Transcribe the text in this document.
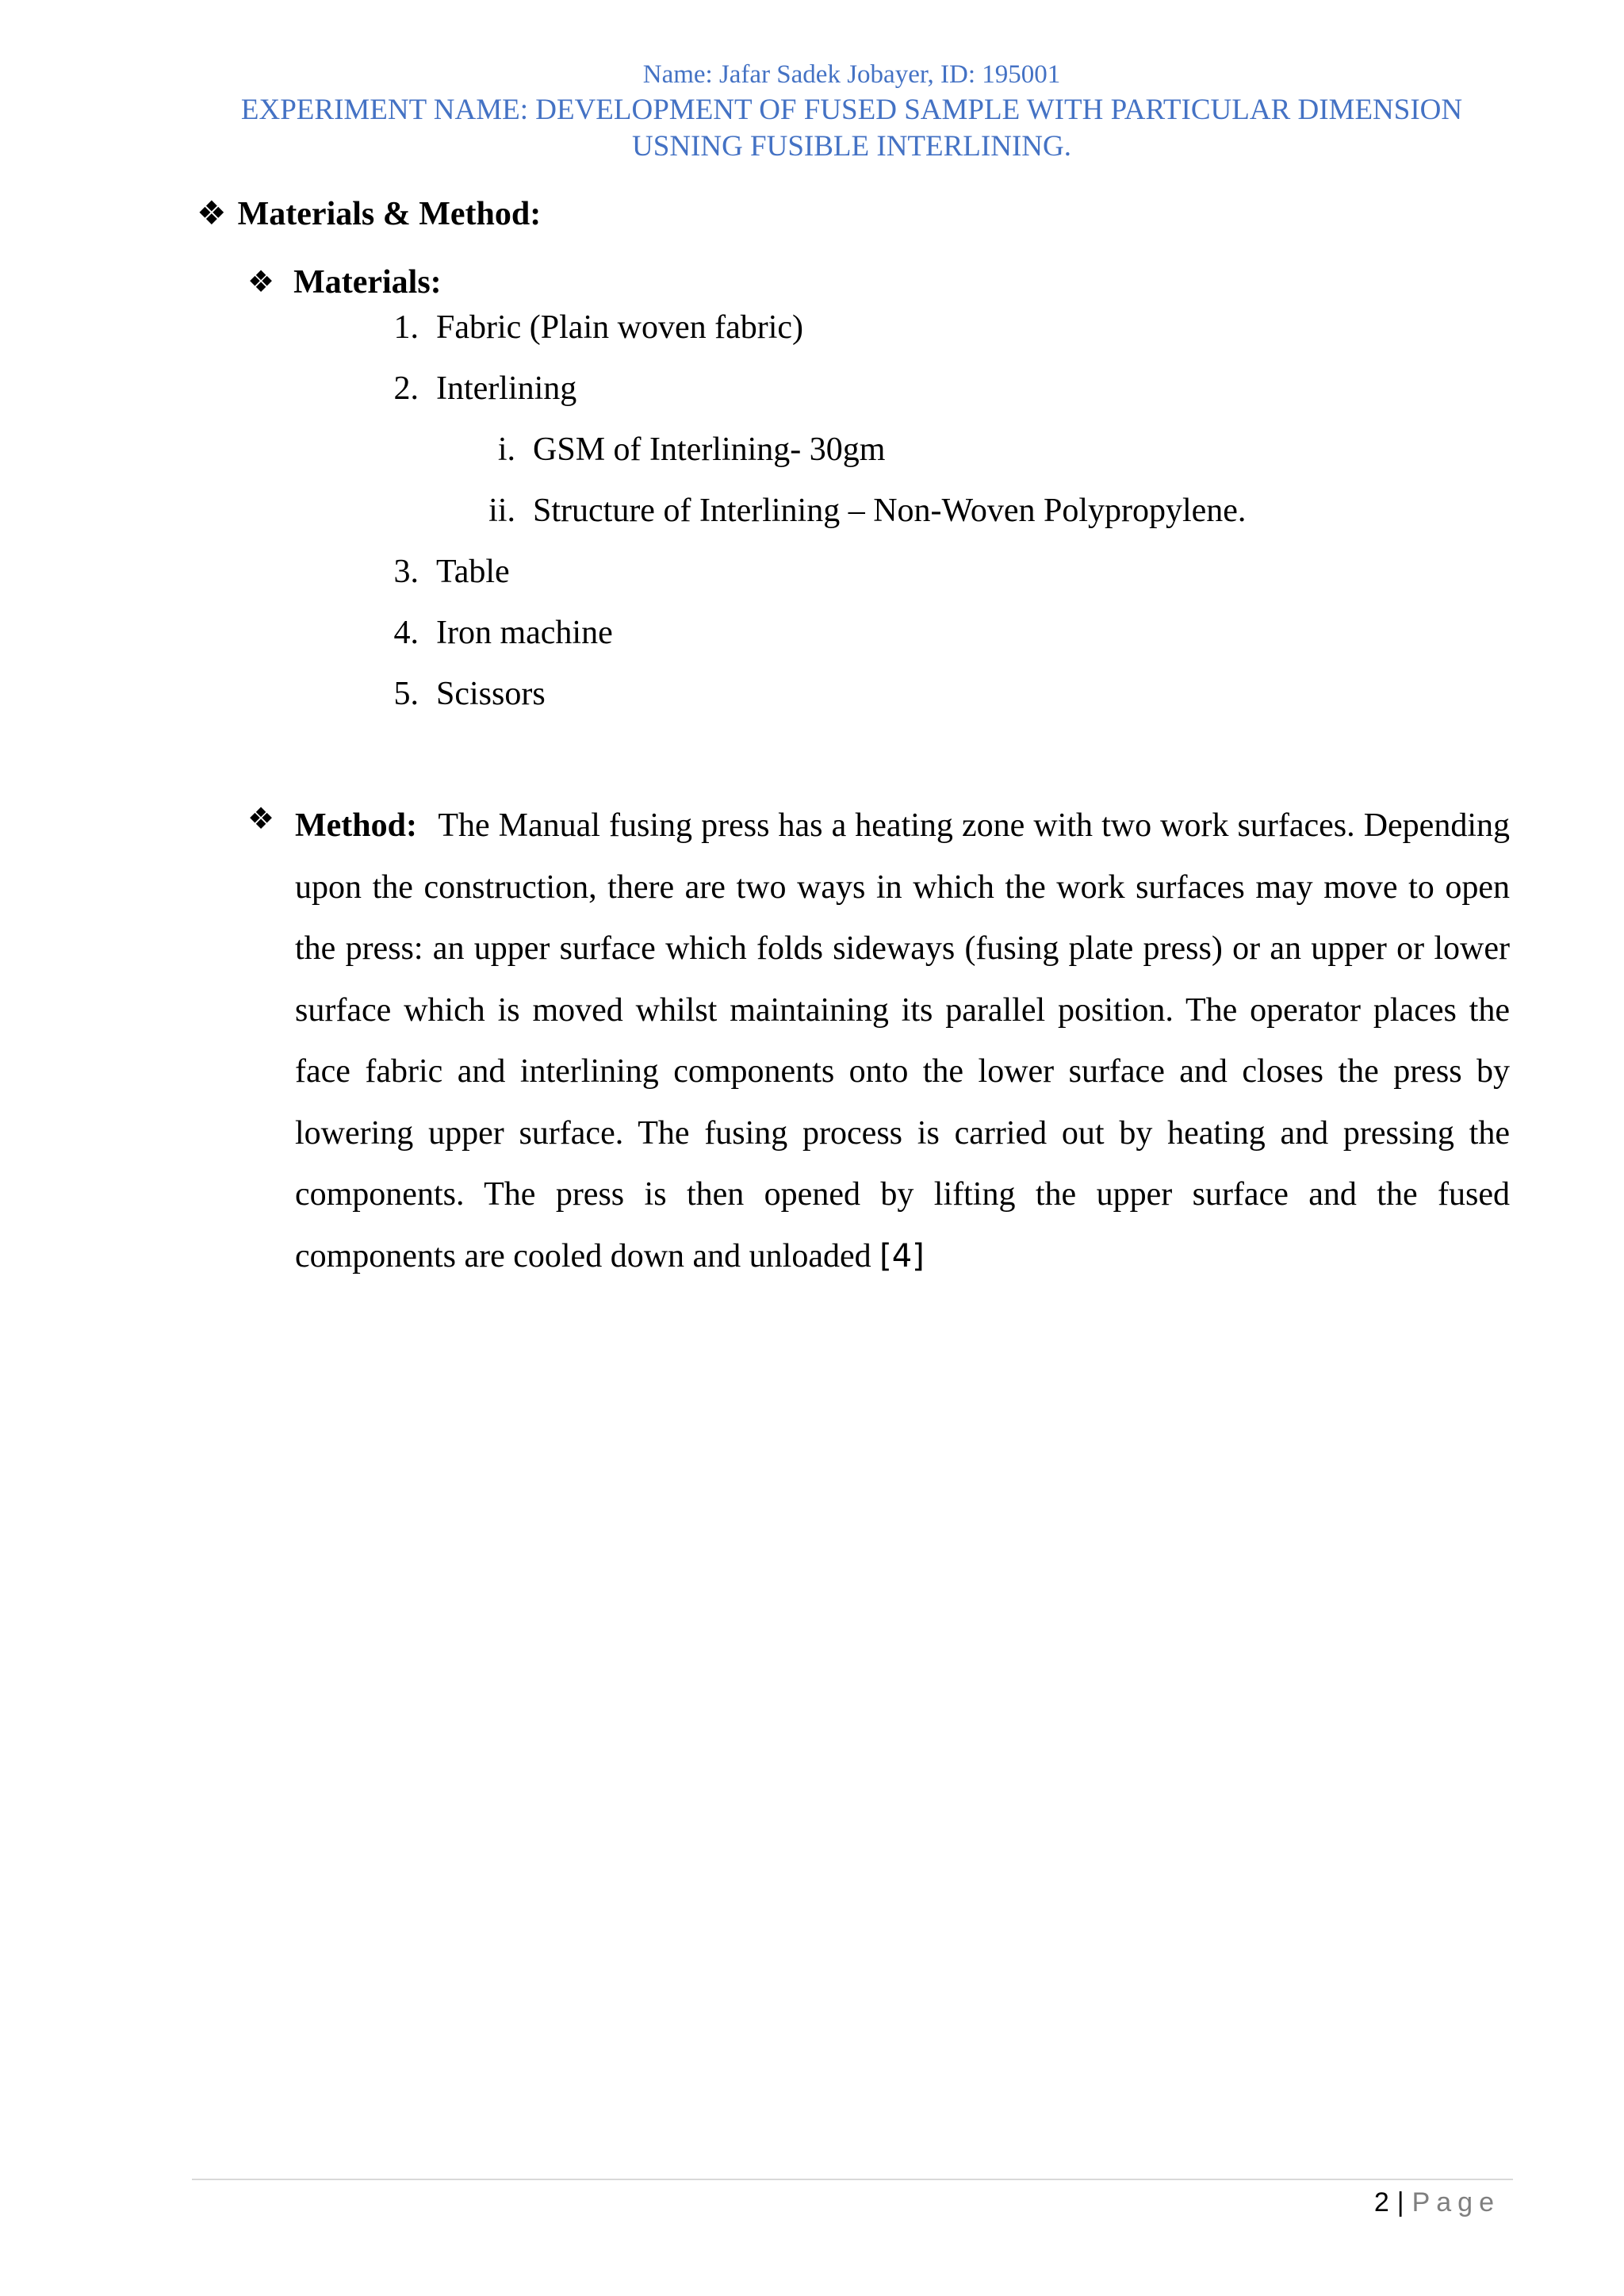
Name: Jafar Sadek Jobayer, ID: 195001
EXPERIMENT NAME: DEVELOPMENT OF FUSED SAMPLE WITH PARTICULAR DIMENSION
USNING FUSIBLE INTERLINING.
❖ Materials & Method:
❖ Materials:
1. Fabric (Plain woven fabric)
2. Interlining
i. GSM of Interlining- 30gm
ii. Structure of Interlining – Non-Woven Polypropylene.
3. Table
4. Iron machine
5. Scissors
❖ Method: The Manual fusing press has a heating zone with two work surfaces. Depending upon the construction, there are two ways in which the work surfaces may move to open the press: an upper surface which folds sideways (fusing plate press) or an upper or lower surface which is moved whilst maintaining its parallel position. The operator places the face fabric and interlining components onto the lower surface and closes the press by lowering upper surface. The fusing process is carried out by heating and pressing the components. The press is then opened by lifting the upper surface and the fused components are cooled down and unloaded [4]
2 | Page
